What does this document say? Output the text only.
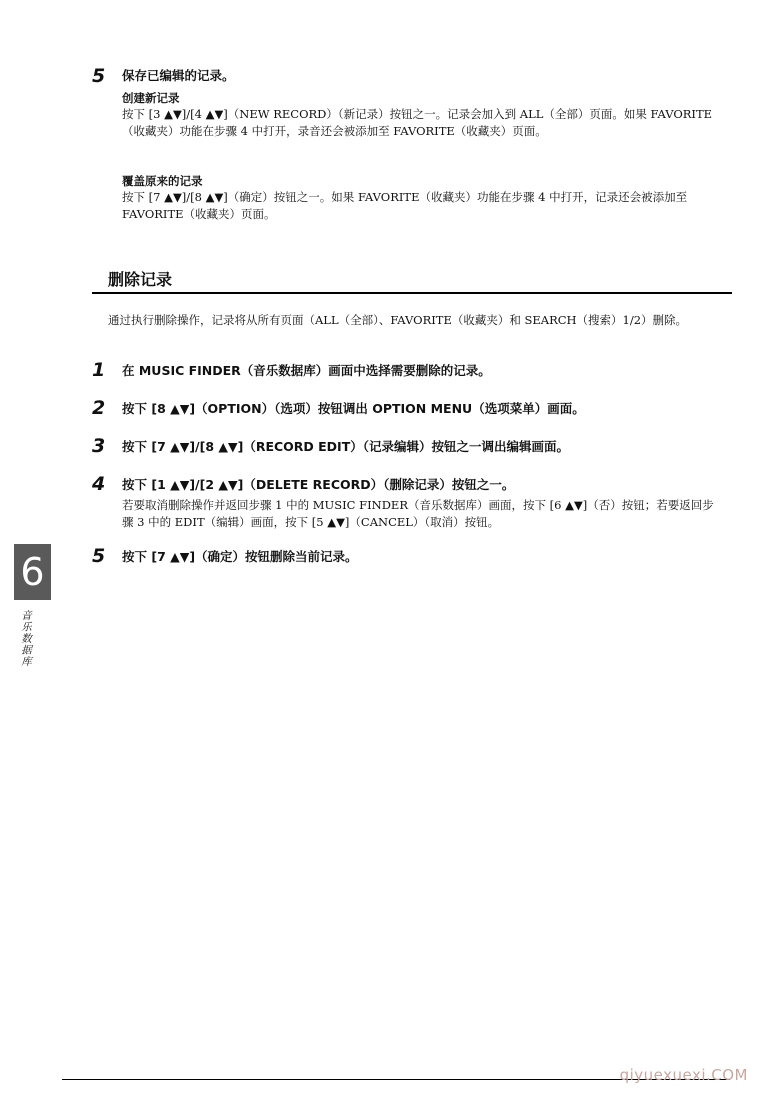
5 保存已编辑的记录。
创建新记录
按下 [3 ▲▼]/[4 ▲▼]（NEW RECORD）（新记录）按钮之一。记录会加入到 ALL（全部）页面。如果 FAVORITE（收藏夹）功能在步骤 4 中打开，录音还会被添加至 FAVORITE（收藏夹）页面。
覆盖原来的记录
按下 [7 ▲▼]/[8 ▲▼]（确定）按钮之一。如果 FAVORITE（收藏夹）功能在步骤 4 中打开，记录还会被添加至 FAVORITE（收藏夹）页面。
删除记录
通过执行删除操作，记录将从所有页面（ALL（全部）、FAVORITE（收藏夹）和 SEARCH（搜索）1/2）删除。
1 在 MUSIC FINDER（音乐数据库）画面中选择需要删除的记录。
2 按下 [8 ▲▼]（OPTION）（选项）按钮调出 OPTION MENU（选项菜单）画面。
3 按下 [7 ▲▼]/[8 ▲▼]（RECORD EDIT）（记录编辑）按钮之一调出编辑画面。
4 按下 [1 ▲▼]/[2 ▲▼]（DELETE RECORD）（删除记录）按钮之一。
若要取消删除操作并返回步骤 1 中的 MUSIC FINDER（音乐数据库）画面，按下 [6 ▲▼]（否）按钮；若要返回步骤 3 中的 EDIT（编辑）画面，按下 [5 ▲▼]（CANCEL）（取消）按钮。
5 按下 [7 ▲▼]（确定）按钮删除当前记录。
6
音乐数据库
qiyuexuexi.COM
